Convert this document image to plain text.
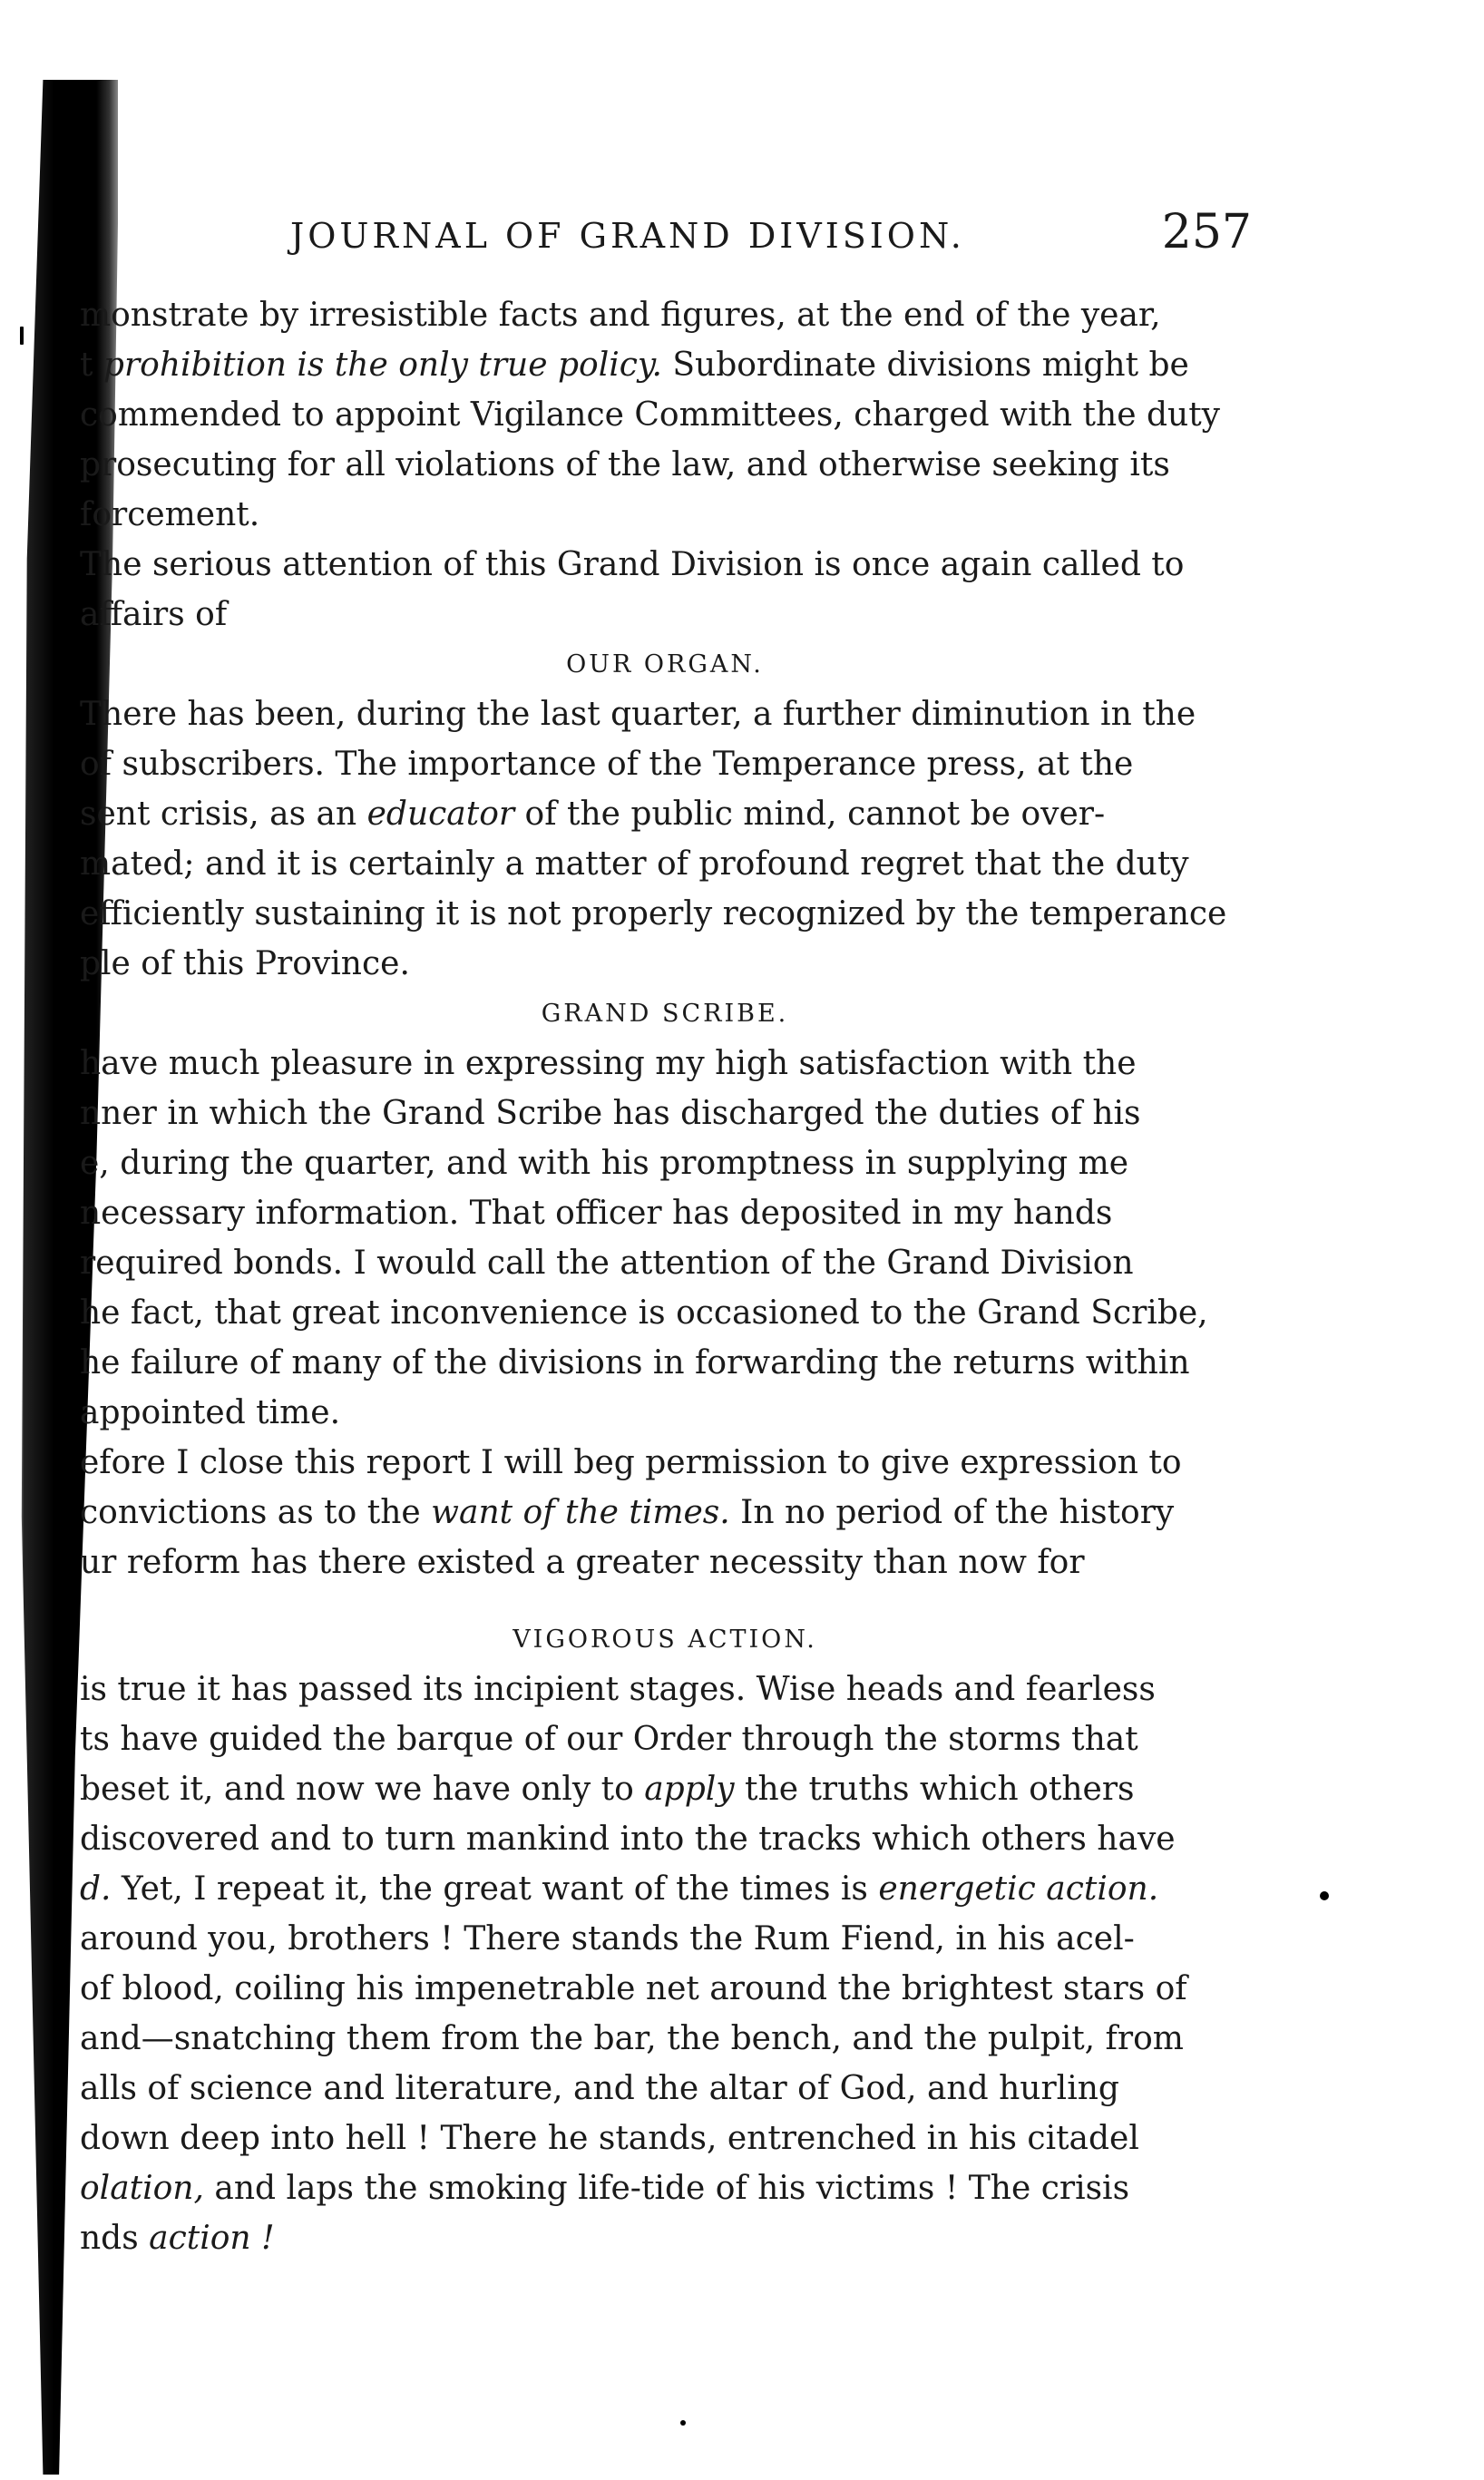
JOURNAL OF GRAND DIVISION.	257
monstrate by irresistible facts and figures, at the end of the year,
t prohibition is the only true policy. Subordinate divisions might be
commended to appoint Vigilance Committees, charged with the duty
prosecuting for all violations of the law, and otherwise seeking its
forcement.
The serious attention of this Grand Division is once again called to
affairs of
OUR ORGAN.
There has been, during the last quarter, a further diminution in the
of subscribers. The importance of the Temperance press, at the
sent crisis, as an educator of the public mind, cannot be over-
mated; and it is certainly a matter of profound regret that the duty
efficiently sustaining it is not properly recognized by the temperance
ple of this Province.
GRAND SCRIBE.
have much pleasure in expressing my high satisfaction with the
nner in which the Grand Scribe has discharged the duties of his
e, during the quarter, and with his promptness in supplying me
necessary information. That officer has deposited in my hands
required bonds. I would call the attention of the Grand Division
he fact, that great inconvenience is occasioned to the Grand Scribe,
he failure of many of the divisions in forwarding the returns within
appointed time.
efore I close this report I will beg permission to give expression to
convictions as to the want of the times. In no period of the history
ur reform has there existed a greater necessity than now for
VIGOROUS ACTION.
is true it has passed its incipient stages. Wise heads and fearless
ts have guided the barque of our Order through the storms that
beset it, and now we have only to apply the truths which others
discovered and to turn mankind into the tracks which others have
d. Yet, I repeat it, the great want of the times is energetic action.
around you, brothers ! There stands the Rum Fiend, in his acel-
of blood, coiling his impenetrable net around the brightest stars of
and—snatching them from the bar, the bench, and the pulpit, from
alls of science and literature, and the altar of God, and hurling
down deep into hell ! There he stands, entrenched in his citadel
olation, and laps the smoking life-tide of his victims ! The crisis
nds action !
